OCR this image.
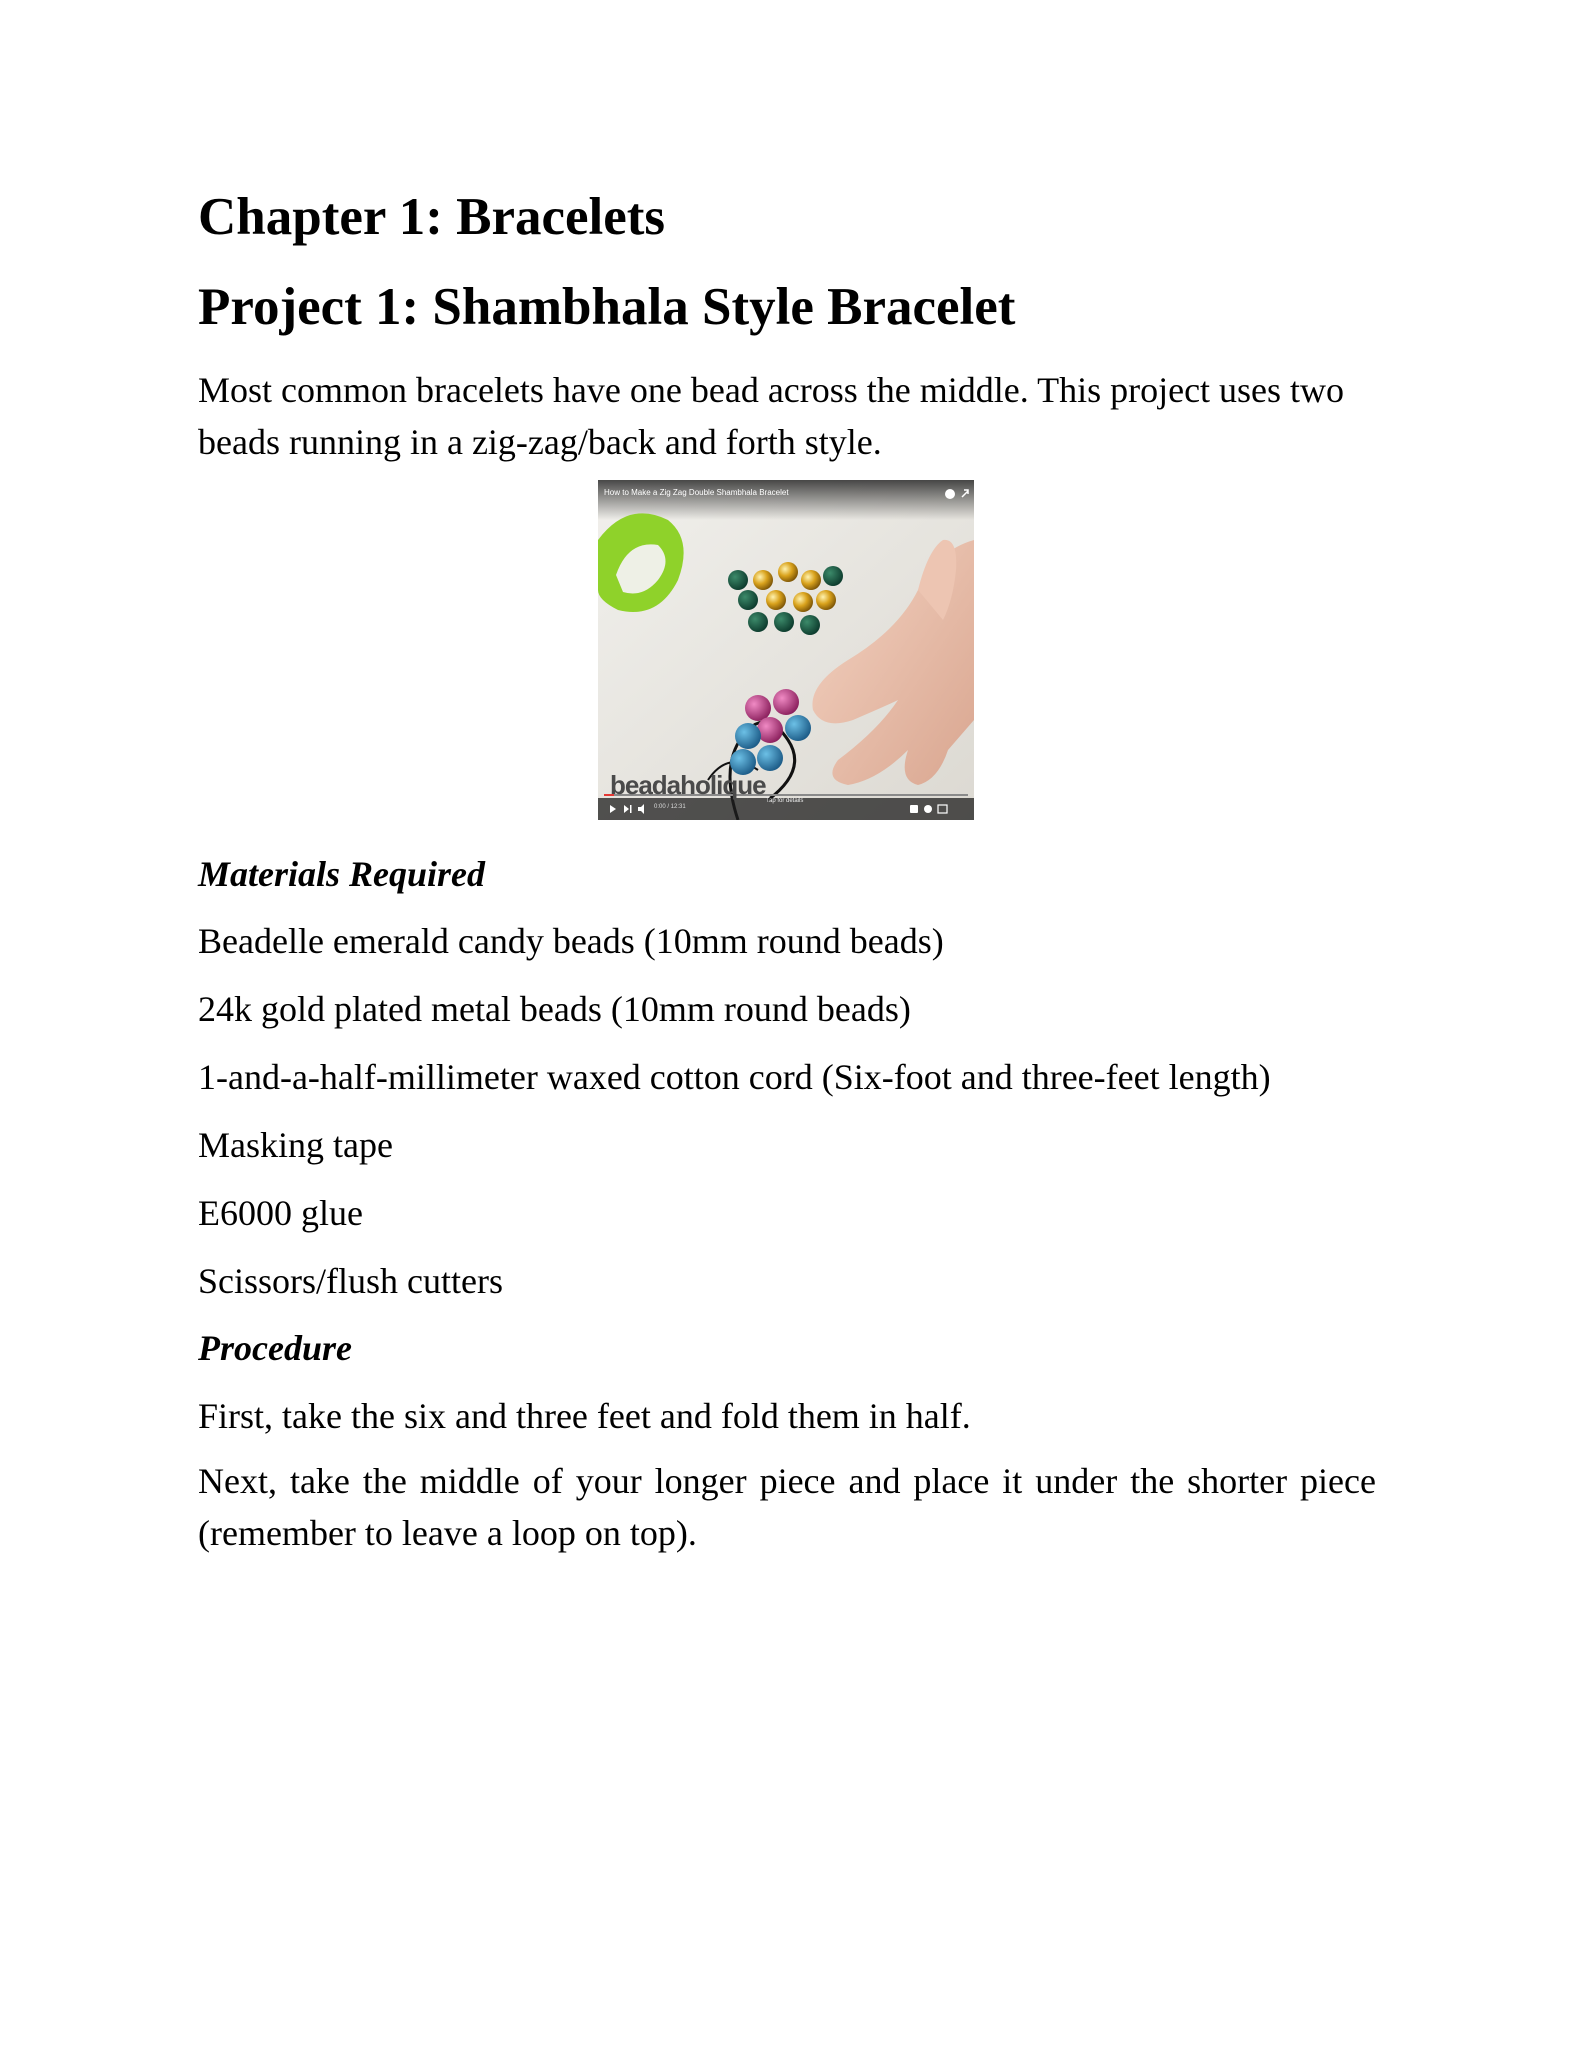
Chapter 1: Bracelets
Project 1: Shambhala Style Bracelet

Most common bracelets have one bead across the middle. This project uses two beads running in a zig-zag/back and forth style.

How to Make a Zig Zag Double Shambhala Bracelet
beadaholique
0:00 / 12:31
Tap for details

Materials Required

Beadelle emerald candy beads (10mm round beads)

24k gold plated metal beads (10mm round beads)

1-and-a-half-millimeter waxed cotton cord (Six-foot and three-feet length)

Masking tape

E6000 glue

Scissors/flush cutters

Procedure

First, take the six and three feet and fold them in half.

Next, take the middle of your longer piece and place it under the shorter piece (remember to leave a loop on top).
